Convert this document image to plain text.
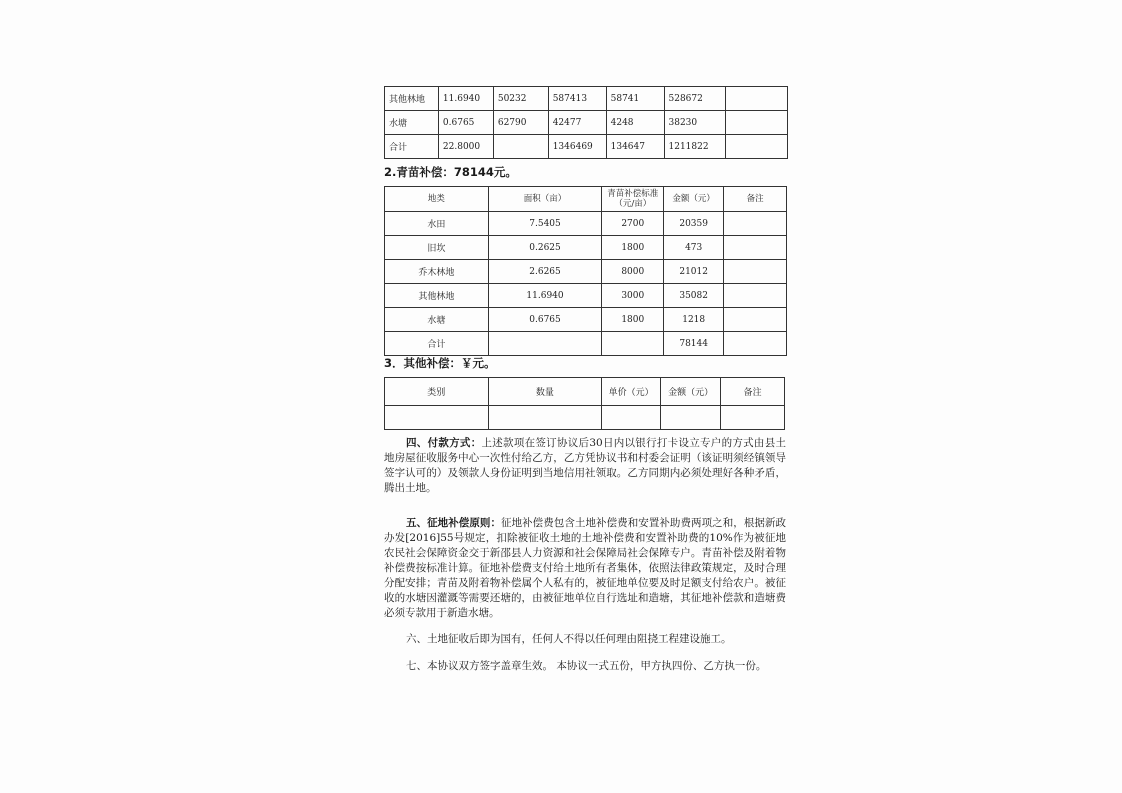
其他林地	11.6940	50232	587413	58741	528672	
水塘	0.6765	62790	42477	4248	38230	
合计	22.8000		1346469	134647	1211822	
2.青苗补偿：78144元。
地类	面积（亩）	青苗补偿标准（元/亩）	金额（元）	备注
水田	7.5405	2700	20359	
旧坎	0.2625	1800	473	
乔木林地	2.6265	8000	21012	
其他林地	11.6940	3000	35082	
水塘	0.6765	1800	1218	
合计			78144	
3．其他补偿：￥元。
类别	数量	单价（元）	金额（元）	备注

四、付款方式：上述款项在签订协议后30日内以银行打卡设立专户的方式由县土地房屋征收服务中心一次性付给乙方，乙方凭协议书和村委会证明（该证明须经镇领导签字认可的）及领款人身份证明到当地信用社领取。乙方同期内必须处理好各种矛盾，腾出土地。
五、征地补偿原则：征地补偿费包含土地补偿费和安置补助费两项之和，根据新政办发[2016]55号规定，扣除被征收土地的土地补偿费和安置补助费的10%作为被征地农民社会保障资金交于新邵县人力资源和社会保障局社会保障专户。青苗补偿及附着物补偿费按标准计算。征地补偿费支付给土地所有者集体，依照法律政策规定，及时合理分配安排；青苗及附着物补偿属个人私有的，被征地单位要及时足额支付给农户。被征收的水塘因灌溉等需要还塘的，由被征地单位自行选址和造塘，其征地补偿款和造塘费必须专款用于新造水塘。
六、土地征收后即为国有，任何人不得以任何理由阻挠工程建设施工。
七、本协议双方签字盖章生效。 本协议一式五份，甲方执四份、乙方执一份。
